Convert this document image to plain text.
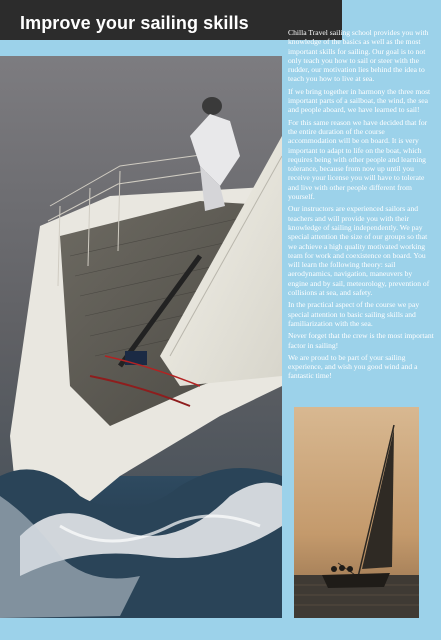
Improve your sailing skills	Chilla Travel sailing school provides you with knowledge of the basics as well as the most important skills for sailing. Our goal is to not only teach you how to sail or steer with the rudder, our motivation lies behind the idea to teach you how to live at sea.

If we bring together in harmony the three most important parts of a sailboat, the wind, the sea and people aboard, we have learned to sail!

For this same reason we have decided that for the entire duration of the course accommodation will be on board. It is very important to adapt to life on the boat, which requires being with other people and learning tolerance, because from now up until you receive your license you will have to tolerate and live with other people different from yourself.

Our instructors are experienced sailors and teachers and will provide you with their knowledge of sailing independently. We pay special attention the size of our groups so that we achieve a high quality motivated working team for work and coexistence on board. You will learn the following theory: sail aerodynamics, navigation, maneuvers by engine and by sail, meteorology, prevention of collisions at sea, and safety.

In the practical aspect of the course we pay special attention to basic sailing skills and familiarization with the sea.

Never forget that the crew is the most important factor in sailing!

We are proud to be part of your sailing experience, and wish you good wind and a fantastic time!
